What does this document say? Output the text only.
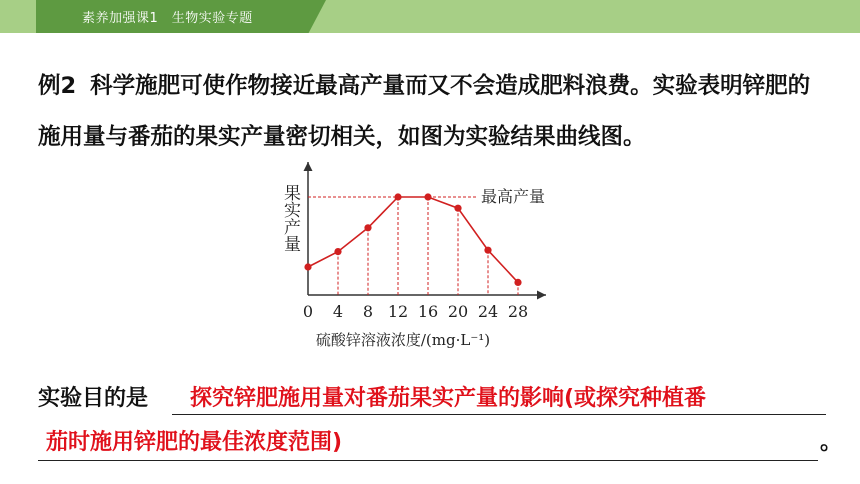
素养加强课1　生物实验专题
例2 科学施肥可使作物接近最高产量而又不会造成肥料浪费。实验表明锌肥的施用量与番茄的果实产量密切相关，如图为实验结果曲线图。
果实产量
硫酸锌溶液浓度/(mg·L⁻¹)
最高产量
0 4 8 12 16 20 24 28
实验目的是 探究锌肥施用量对番茄果实产量的影响(或探究种植番
茄时施用锌肥的最佳浓度范围)	。
